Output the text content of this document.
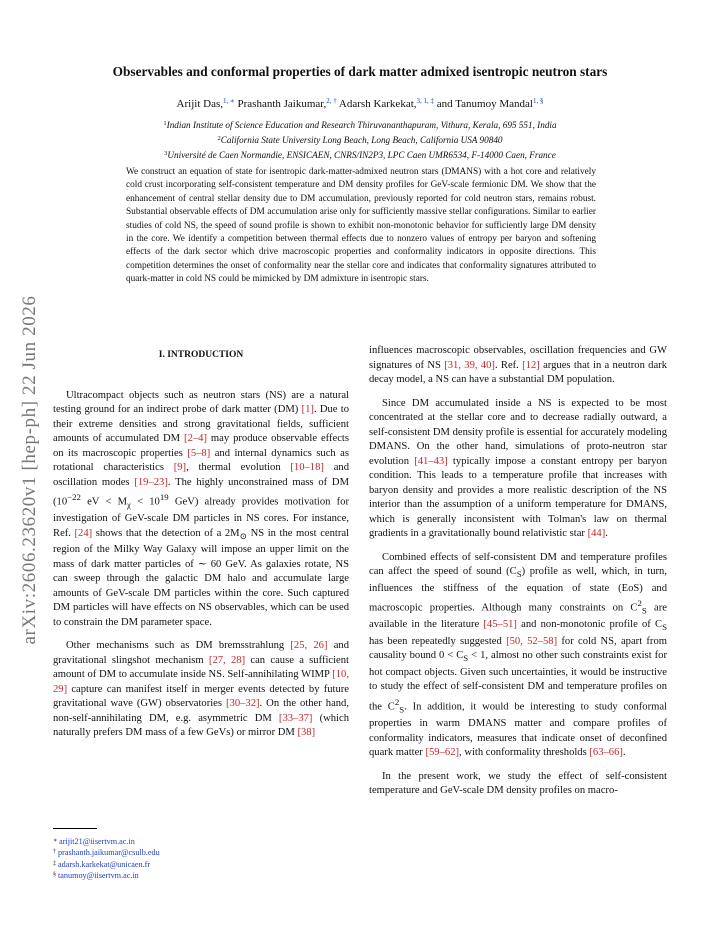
arXiv:2606.23620v1 [hep-ph] 22 Jun 2026
Observables and conformal properties of dark matter admixed isentropic neutron stars
Arijit Das,$^{1, ∗}$ Prashanth Jaikumar,$^{2, \dagger}$ Adarsh Karkekat,$^{3, 1, \ddagger}$ and Tanumoy Mandal$^{1, \S}$
$^1$Indian Institute of Science Education and Research Thiruvananthapuram, Vithura, Kerala, 695 551, India
$^2$California State University Long Beach, Long Beach, California USA 90840
$^3$Université de Caen Normandie, ENSICAEN, CNRS/IN2P3, LPC Caen UMR6534, F-14000 Caen, France
We construct an equation of state for isentropic dark-matter-admixed neutron stars (DMANS) with a hot core and relatively cold crust incorporating self-consistent temperature and DM density profiles for GeV-scale fermionic DM. We show that the enhancement of central stellar density due to DM accumulation, previously reported for cold neutron stars, remains robust. Substantial observable effects of DM accumulation arise only for sufficiently massive stellar configurations. Similar to earlier studies of cold NS, the speed of sound profile is shown to exhibit non-monotonic behavior for sufficiently large DM density in the core. We identify a competition between thermal effects due to nonzero values of entropy per baryon and softening effects of the dark sector which drive macroscopic properties and conformality indicators in opposite directions. This competition determines the onset of conformality near the stellar core and indicates that conformality signatures attributed to quark-matter in cold NS could be mimicked by DM admixture in isentropic stars.
I. INTRODUCTION

Ultracompact objects such as neutron stars (NS) are a natural testing ground for an indirect probe of dark matter (DM) [1]. Due to their extreme densities and strong gravitational fields, sufficient amounts of accumulated DM [2–4] may produce observable effects on its macroscopic properties [5–8] and internal dynamics such as rotational characteristics [9], thermal evolution [10–18] and oscillation modes [19–23]. The highly unconstrained mass of DM ($10^{-22}$ eV < $M_\chi < 10^{19}$ GeV) already provides motivation for investigation of GeV-scale DM particles in NS cores. For instance, Ref. [24] shows that the detection of a $2M_⊙$ NS in the most central region of the Milky Way Galaxy will impose an upper limit on the mass of dark matter particles of ∼ 60 GeV. As galaxies rotate, NS can sweep through the galactic DM halo and accumulate large amounts of GeV-scale DM particles within the core. Such captured DM particles will have effects on NS observables, which can be used to constrain the DM parameter space.

Other mechanisms such as DM bremsstrahlung [25, 26] and gravitational slingshot mechanism [27, 28] can cause a sufficient amount of DM to accumulate inside NS. Self-annihilating WIMP [10, 29] capture can manifest itself in merger events detected by future gravitational wave (GW) observatories [30–32]. On the other hand, non-self-annihilating DM, e.g. asymmetric DM [33–37] (which naturally prefers DM mass of a few GeVs) or mirror DM [38]

influences macroscopic observables, oscillation frequencies and GW signatures of NS [31, 39, 40]. Ref. [12] argues that in a neutron dark decay model, a NS can have a substantial DM population.

Since DM accumulated inside a NS is expected to be most concentrated at the stellar core and to decrease radially outward, a self-consistent DM density profile is essential for accurately modeling DMANS. On the other hand, simulations of proto-neutron star evolution [41–43] typically impose a constant entropy per baryon condition. This leads to a temperature profile that increases with baryon density and provides a more realistic description of the NS interior than the assumption of a uniform temperature for DMANS, which is generally inconsistent with Tolman's law on thermal gradients in a gravitationally bound relativistic star [44].

Combined effects of self-consistent DM and temperature profiles can affect the speed of sound $(C_S)$ profile as well, which, in turn, influences the stiffness of the equation of state (EoS) and macroscopic properties. Although many constraints on $C^2_S$ are available in the literature [45–51] and non-monotonic profile of $C_S$ has been repeatedly suggested [50, 52–58] for cold NS, apart from causality bound $0 < C_S < 1$, almost no other such constraints exist for hot compact objects. Given such uncertainties, it would be instructive to study the effect of self-consistent DM and temperature profiles on the $C^2_S$. In addition, it would be interesting to study conformal properties in warm DMANS matter and compare profiles of conformality indicators, measures that indicate onset of deconfined quark matter [59–62], with conformality thresholds [63–66].

In the present work, we study the effect of self-consistent temperature and GeV-scale DM density profiles on macro-

∗ arijit21@iisertvm.ac.in
† prashanth.jaikumar@csulb.edu
‡ adarsh.karkekat@unicaen.fr
§ tanumoy@iisertvm.ac.in
